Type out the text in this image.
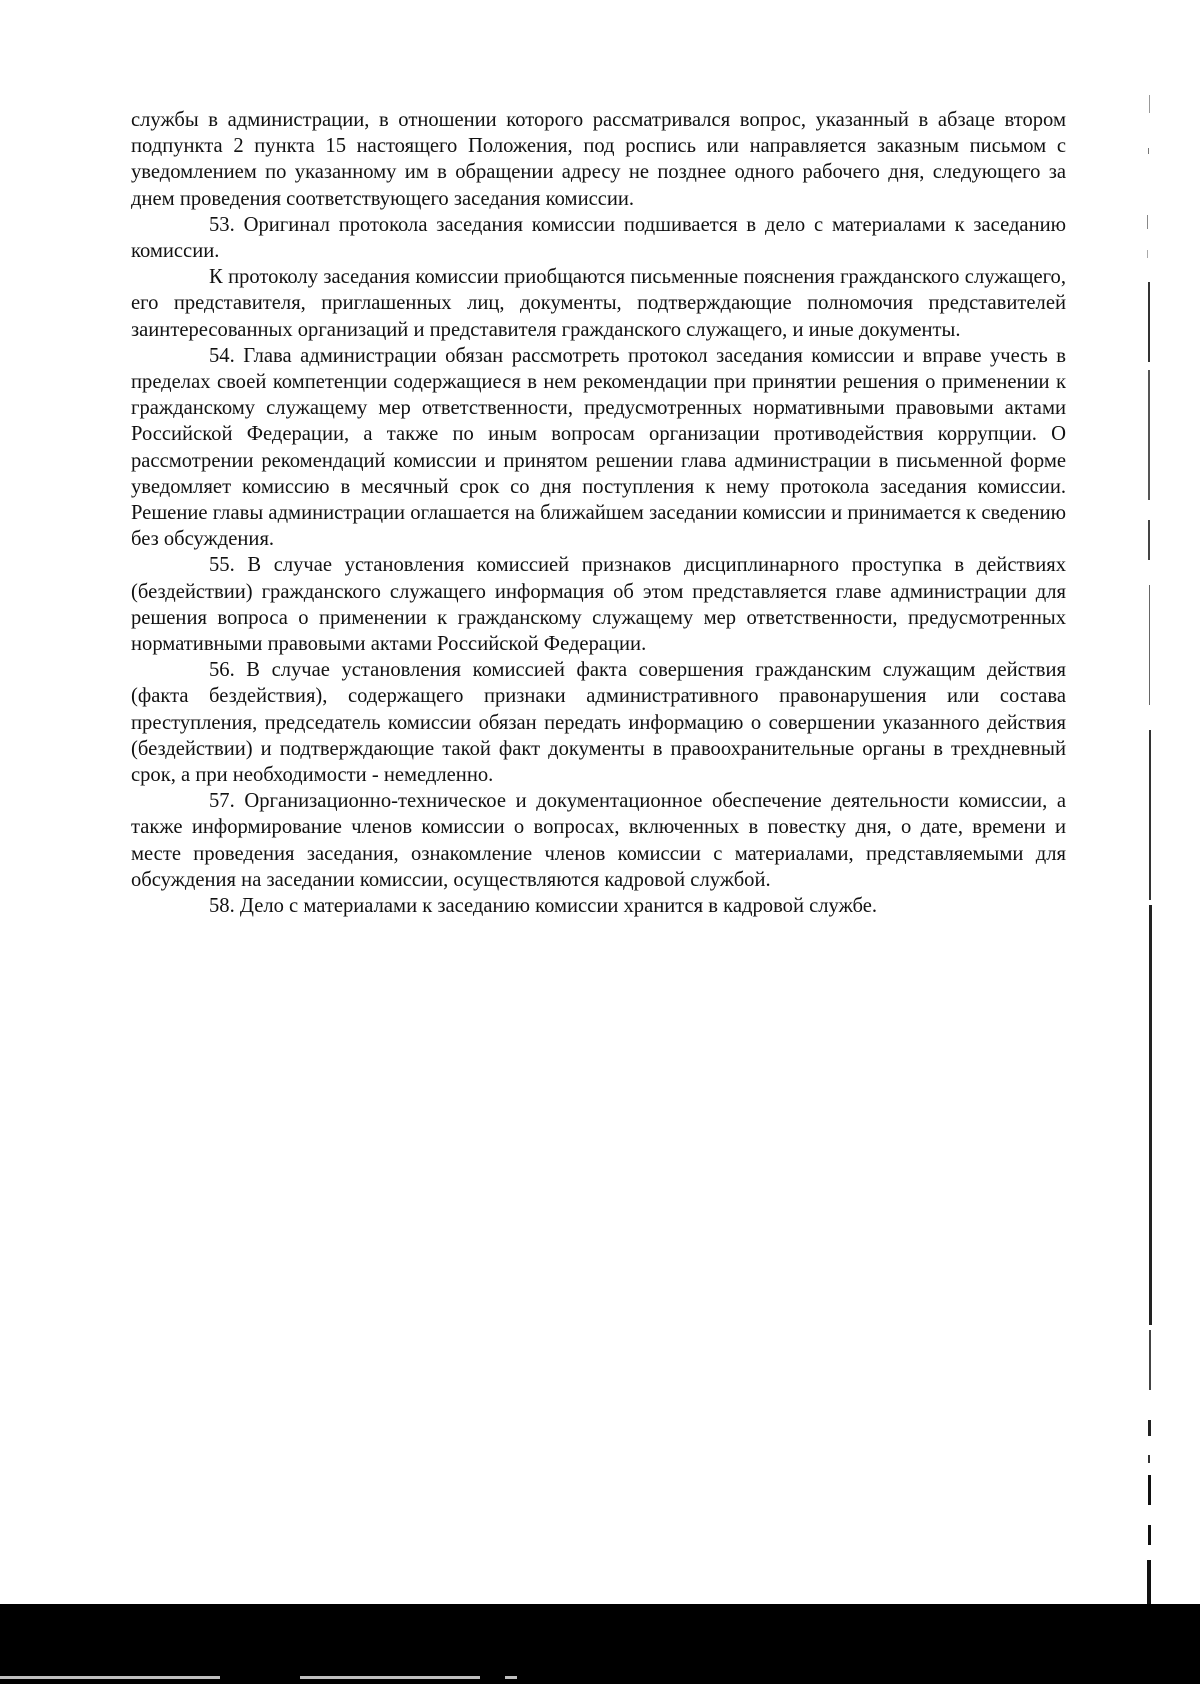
службы в администрации, в отношении которого рассматривался вопрос, указанный в абзаце втором подпункта 2 пункта 15 настоящего Положения, под роспись или направляется заказным письмом с уведомлением по указанному им в обращении адресу не позднее одного рабочего дня, следующего за днем проведения соответствующего заседания комиссии.

53. Оригинал протокола заседания комиссии подшивается в дело с материалами к заседанию комиссии.

К протоколу заседания комиссии приобщаются письменные пояснения гражданского служащего, его представителя, приглашенных лиц, документы, подтверждающие полномочия представителей заинтересованных организаций и представителя гражданского служащего, и иные документы.

54. Глава администрации обязан рассмотреть протокол заседания комиссии и вправе учесть в пределах своей компетенции содержащиеся в нем рекомендации при принятии решения о применении к гражданскому служащему мер ответственности, предусмотренных нормативными правовыми актами Российской Федерации, а также по иным вопросам организации противодействия коррупции. О рассмотрении рекомендаций комиссии и принятом решении глава администрации в письменной форме уведомляет комиссию в месячный срок со дня поступления к нему протокола заседания комиссии. Решение главы администрации оглашается на ближайшем заседании комиссии и принимается к сведению без обсуждения.

55. В случае установления комиссией признаков дисциплинарного проступка в действиях (бездействии) гражданского служащего информация об этом представляется главе администрации для решения вопроса о применении к гражданскому служащему мер ответственности, предусмотренных нормативными правовыми актами Российской Федерации.

56. В случае установления комиссией факта совершения гражданским служащим действия (факта бездействия), содержащего признаки административного правонарушения или состава преступления, председатель комиссии обязан передать информацию о совершении указанного действия (бездействии) и подтверждающие такой факт документы в правоохранительные органы в трехдневный срок, а при необходимости - немедленно.

57. Организационно-техническое и документационное обеспечение деятельности комиссии, а также информирование членов комиссии о вопросах, включенных в повестку дня, о дате, времени и месте проведения заседания, ознакомление членов комиссии с материалами, представляемыми для обсуждения на заседании комиссии, осуществляются кадровой службой.

58. Дело с материалами к заседанию комиссии хранится в кадровой службе.
